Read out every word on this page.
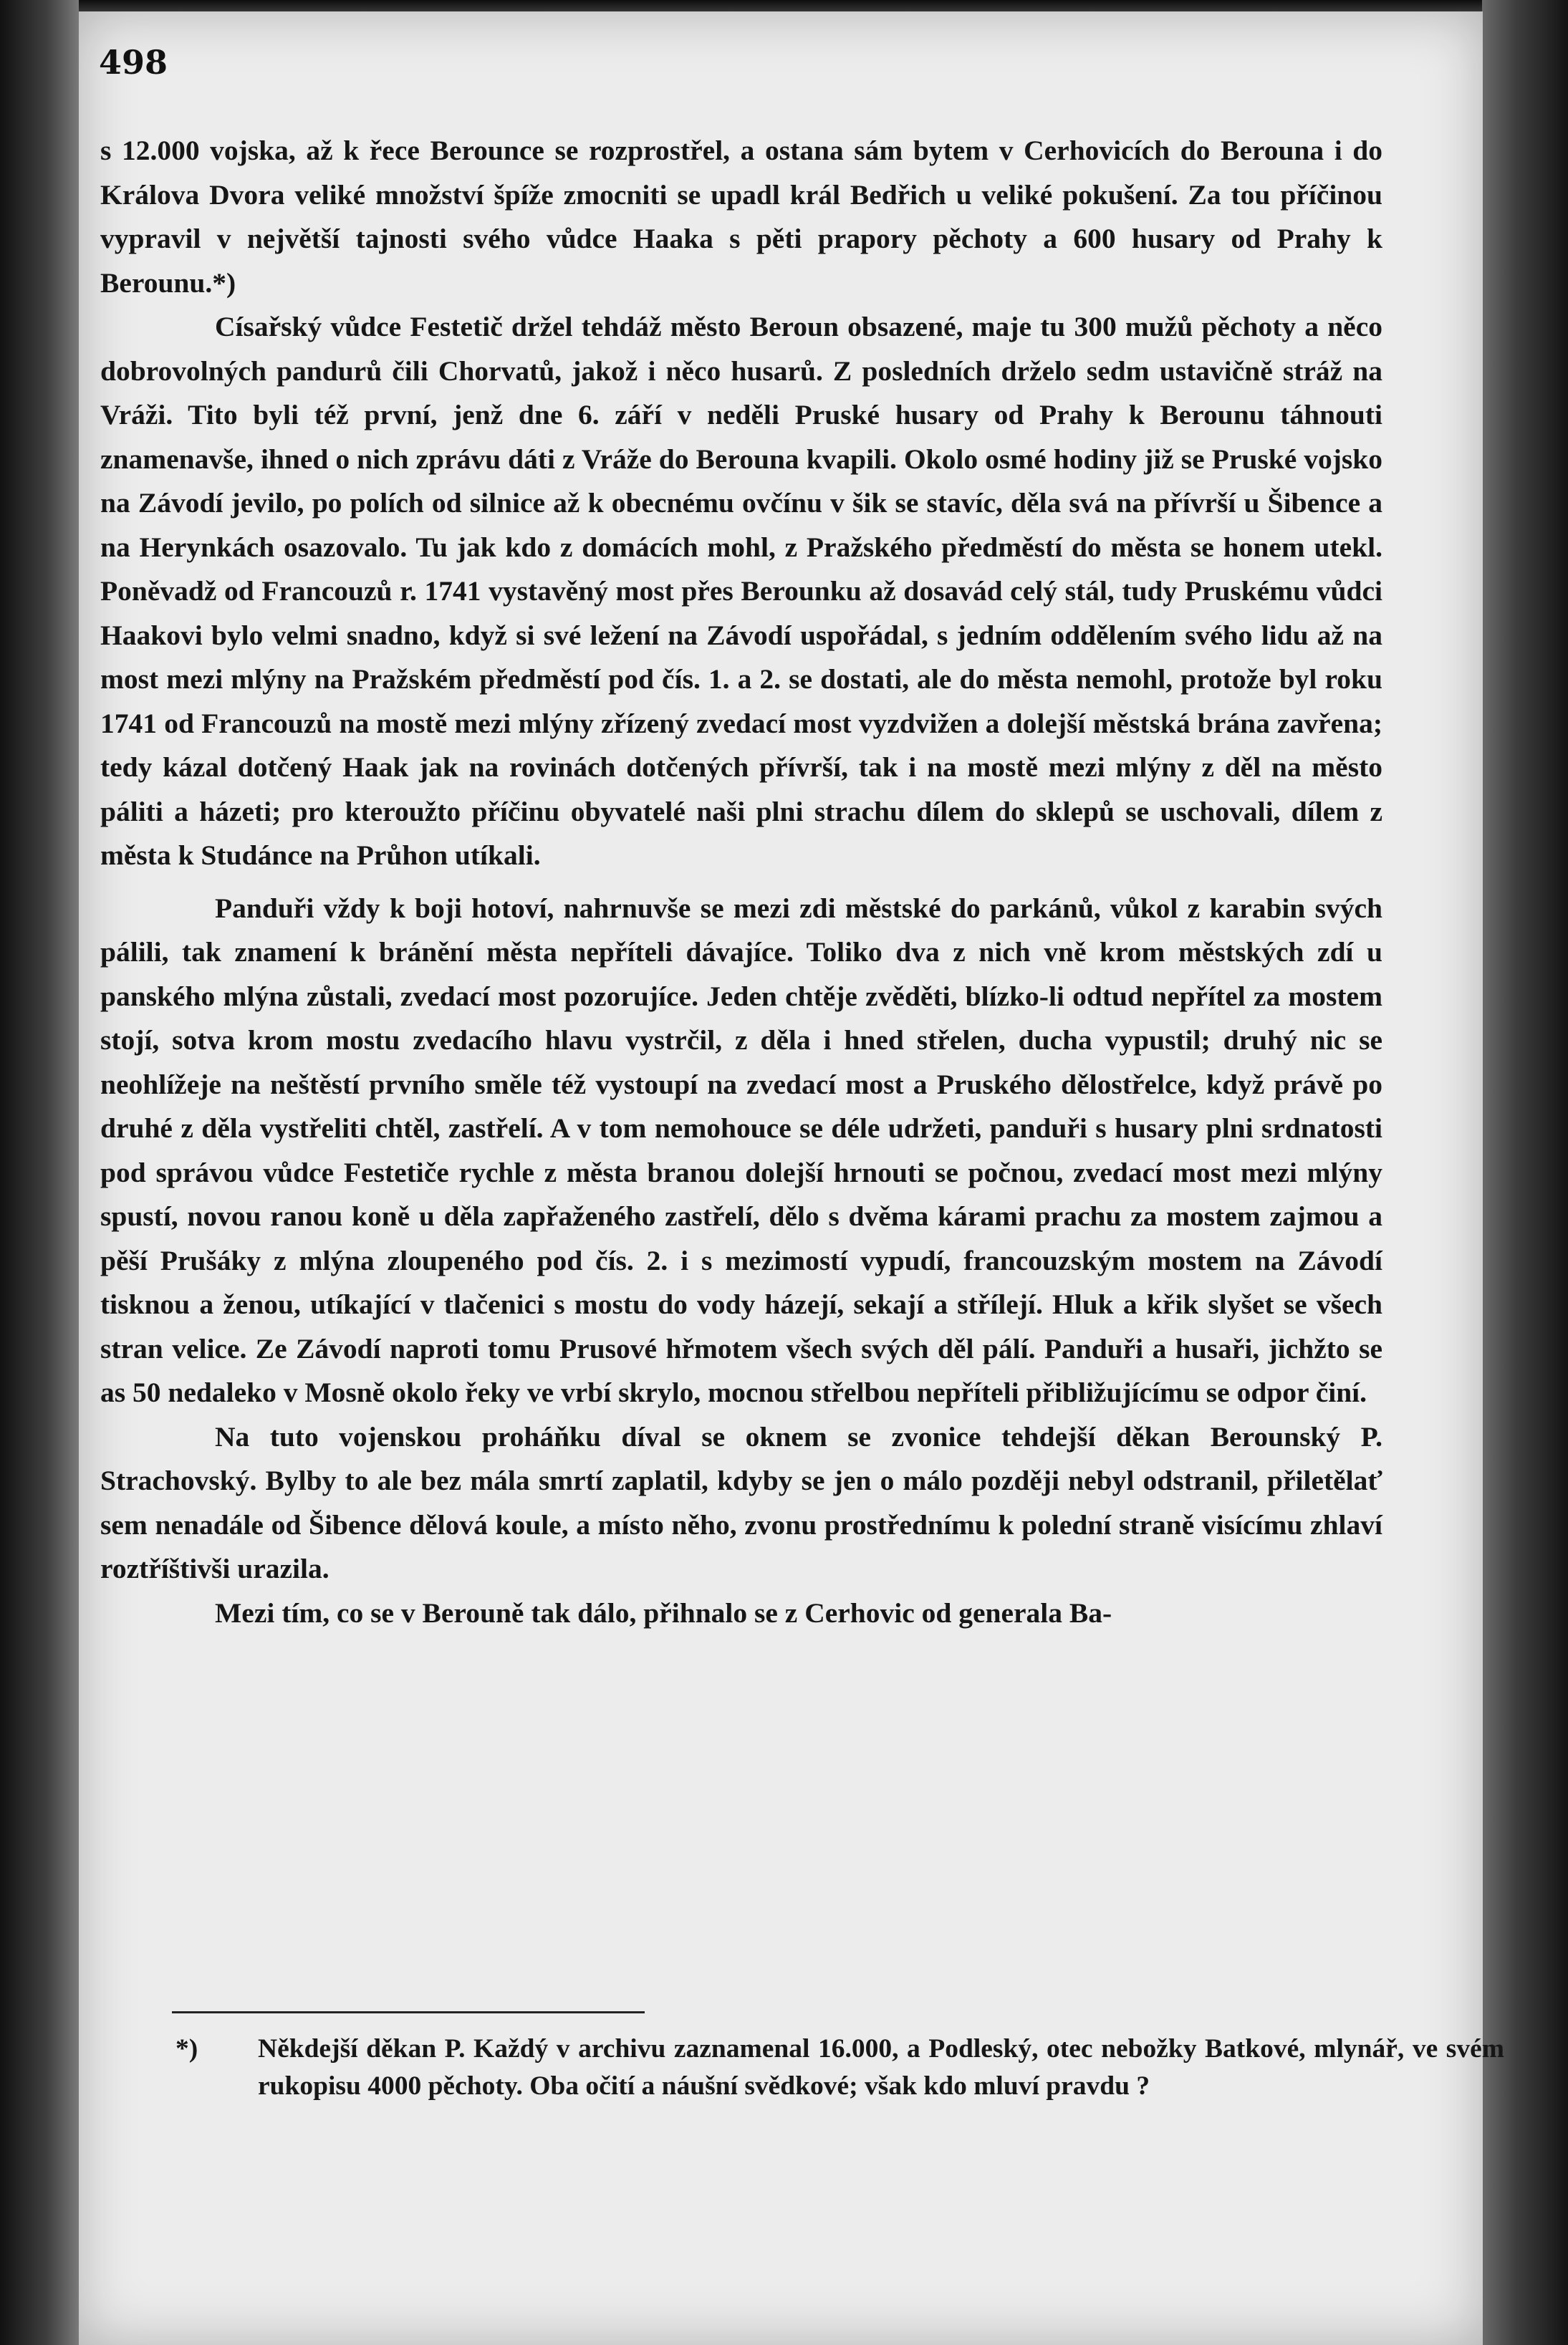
498

s 12.000 vojska, až k řece Berounce se rozprostřel, a ostana sám bytem v Cerhovicích do Berouna i do Králova Dvora veliké množství špíže zmocniti se upadl král Bedřich u veliké pokušení. Za tou příčinou vypravil v největší tajnosti svého vůdce Haaka s pěti prapory pěchoty a 600 husary od Prahy k Berounu.*)

Císařský vůdce Festetič držel tehdáž město Beroun obsazené, maje tu 300 mužů pěchoty a něco dobrovolných pandurů čili Chorvatů, jakož i něco husarů. Z posledních drželo sedm ustavičně stráž na Vráži. Tito byli též první, jenž dne 6. září v neděli Pruské husary od Prahy k Berounu táhnouti znamenavše, ihned o nich zprávu dáti z Vráže do Berouna kvapili. Okolo osmé hodiny již se Pruské vojsko na Závodí jevilo, po polích od silnice až k obecnému ovčínu v šik se stavíc, děla svá na přívrší u Šibence a na Herynkách osazovalo. Tu jak kdo z domácích mohl, z Pražského předměstí do města se honem utekl. Poněvadž od Francouzů r. 1741 vystavěný most přes Berounku až dosavád celý stál, tudy Pruskému vůdci Haakovi bylo velmi snadno, když si své ležení na Závodí uspořádal, s jedním oddělením svého lidu až na most mezi mlýny na Pražském předměstí pod čís. 1. a 2. se dostati, ale do města nemohl, protože byl roku 1741 od Francouzů na mostě mezi mlýny zřízený zvedací most vyzdvižen a dolejší městská brána zavřena; tedy kázal dotčený Haak jak na rovinách dotčených přívrší, tak i na mostě mezi mlýny z děl na město páliti a házeti; pro kteroužto příčinu obyvatelé naši plni strachu dílem do sklepů se uschovali, dílem z města k Studánce na Průhon utíkali.

Panduři vždy k boji hotoví, nahrnuvše se mezi zdi městské do parkánů, vůkol z karabin svých pálili, tak znamení k bránění města nepříteli dávajíce. Toliko dva z nich vně krom městských zdí u panského mlýna zůstali, zvedací most pozorujíce. Jeden chtěje zvěděti, blízko-li odtud nepřítel za mostem stojí, sotva krom mostu zvedacího hlavu vystrčil, z děla i hned střelen, ducha vypustil; druhý nic se neohlížeje na neštěstí prvního směle též vystoupí na zvedací most a Pruského dělostřelce, když právě po druhé z děla vystřeliti chtěl, zastřelí. A v tom nemohouce se déle udržeti, panduři s husary plni srdnatosti pod správou vůdce Festetiče rychle z města branou dolejší hrnouti se počnou, zvedací most mezi mlýny spustí, novou ranou koně u děla zapřaženého zastřelí, dělo s dvěma kárami prachu za mostem zajmou a pěší Prušáky z mlýna zloupeného pod čís. 2. i s mezimostí vypudí, francouzským mostem na Závodí tisknou a ženou, utíkající v tlačenici s mostu do vody házejí, sekají a střílejí. Hluk a křik slyšet se všech stran velice. Ze Závodí naproti tomu Prusové hřmotem všech svých děl pálí. Panduři a husaři, jichžto se as 50 nedaleko v Mosně okolo řeky ve vrbí skrylo, mocnou střelbou nepříteli přibližujícímu se odpor činí.

Na tuto vojenskou proháňku díval se oknem se zvonice tehdejší děkan Berounský P. Strachovský. Bylby to ale bez mála smrtí zaplatil, kdyby se jen o málo později nebyl odstranil, přiletělať sem nenadále od Šibence dělová koule, a místo něho, zvonu prostřednímu k polední straně visícímu zhlaví roztříštivši urazila.

Mezi tím, co se v Berouně tak dálo, přihnalo se z Cerhovic od generala Ba-

*) Někdejší děkan P. Každý v archivu zaznamenal 16.000, a Podleský, otec nebožky Batkové, mlynář, ve svém rukopisu 4000 pěchoty. Oba očití a náušní svědkové; však kdo mluví pravdu ?
